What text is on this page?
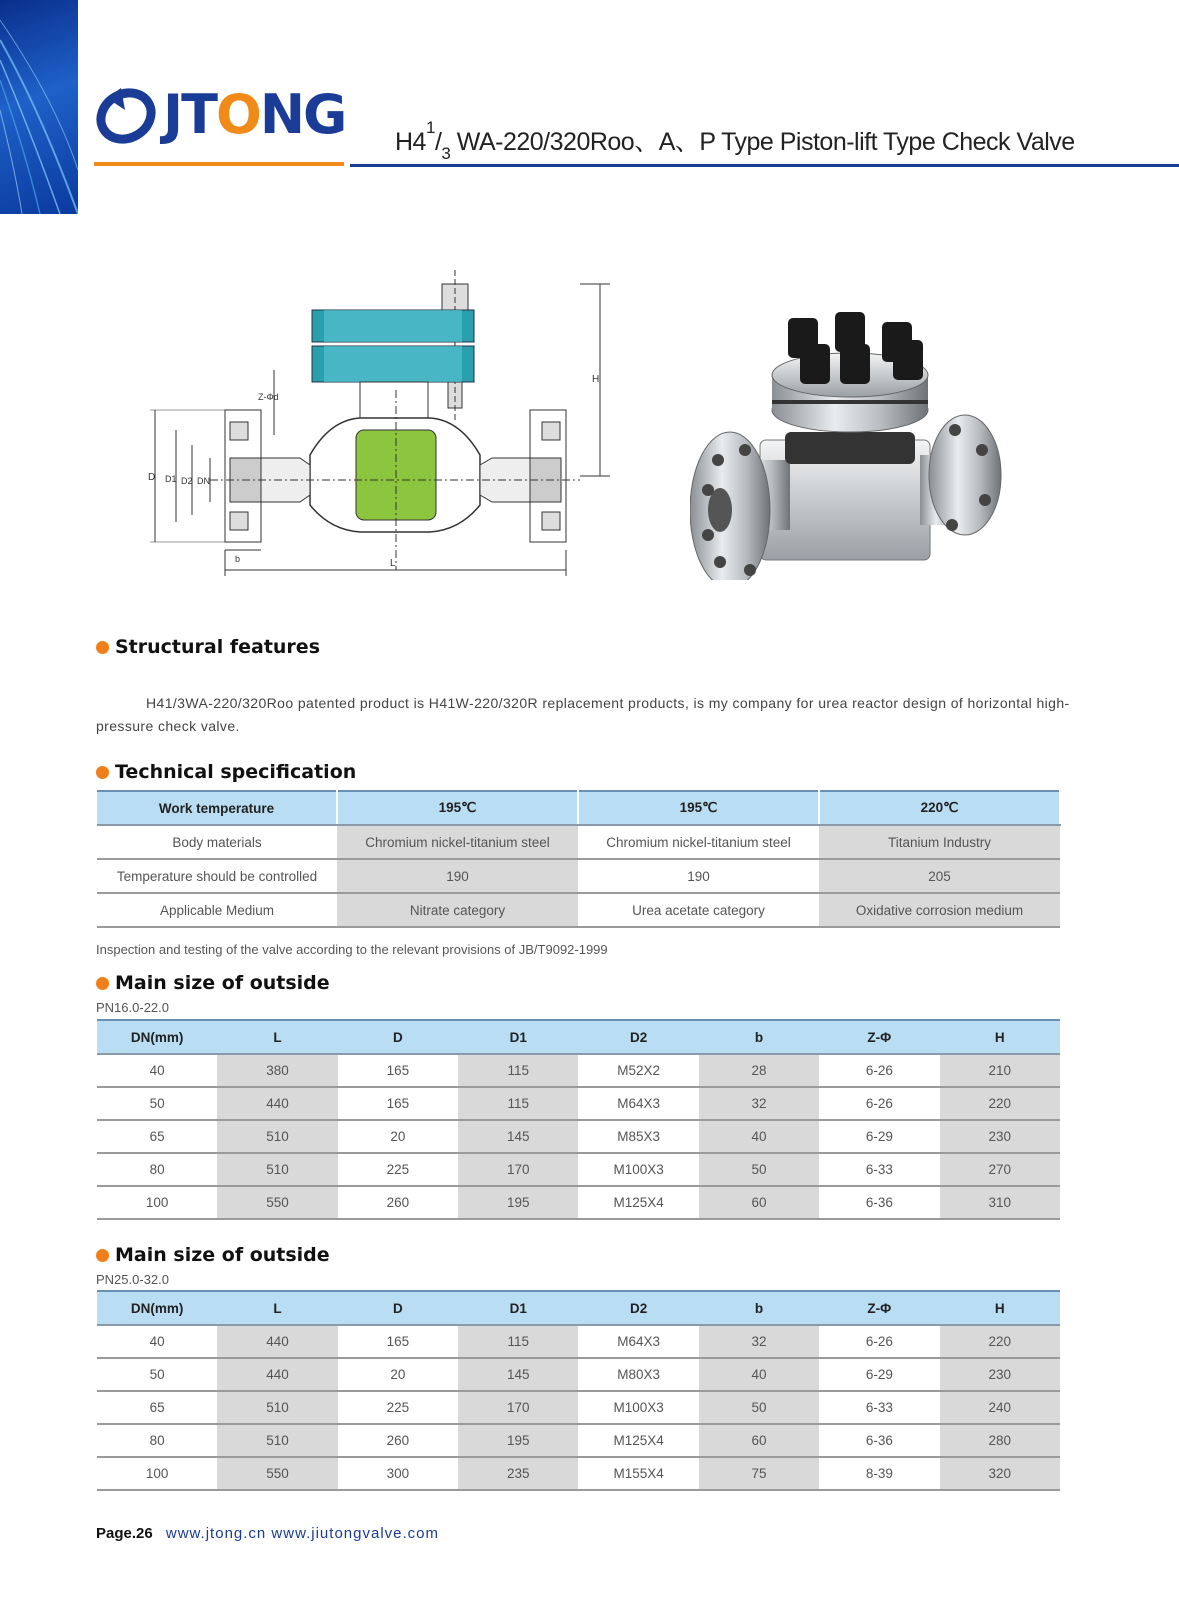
JTONG $H4^1/_3$ WA-220/320Roo、A、P Type Piston-lift Type Check Valve
H
L
D D1 D2 DN
b
Z-Φd
Structural features
H41/3WA-220/320Roo patented product is H41W-220/320R replacement products, is my company for urea reactor design of horizontal high-pressure check valve.
Technical specification
Work temperature	195℃	195℃	220℃
Body materials	Chromium nickel-titanium steel	Chromium nickel-titanium steel	Titanium Industry
Temperature should be controlled	190	190	205
Applicable Medium	Nitrate category	Urea acetate category	Oxidative corrosion medium
Inspection and testing of the valve according to the relevant provisions of JB/T9092-1999
Main size of outside
PN16.0-22.0
DN(mm)	L	D	D1	D2	b	Z-Φ	H
40	380	165	115	M52X2	28	6-26	210
50	440	165	115	M64X3	32	6-26	220
65	510	20	145	M85X3	40	6-29	230
80	510	225	170	M100X3	50	6-33	270
100	550	260	195	M125X4	60	6-36	310
Main size of outside
PN25.0-32.0
DN(mm)	L	D	D1	D2	b	Z-Φ	H
40	440	165	115	M64X3	32	6-26	220
50	440	20	145	M80X3	40	6-29	230
65	510	225	170	M100X3	50	6-33	240
80	510	260	195	M125X4	60	6-36	280
100	550	300	235	M155X4	75	8-39	320
Page.26 www.jtong.cn www.jiutongvalve.com
